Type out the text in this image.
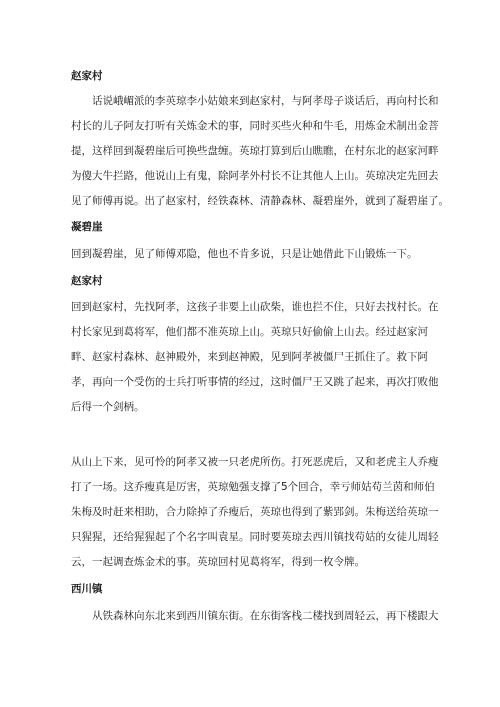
赵家村
话说峨嵋派的李英琼李小姑娘来到赵家村，与阿孝母子谈话后，再向村长和
村长的儿子阿友打听有关炼金术的事，同时买些火种和牛毛，用炼金术制出金菩
提，这样回到凝碧崖后可换些盘缠。英琼打算到后山瞧瞧，在村东北的赵家河畔
为傻大牛拦路，他说山上有鬼，除阿孝外村长不让其他人上山。英琼决定先回去
见了师傅再说。出了赵家村，经铁森林、清静森林、凝碧崖外，就到了凝碧崖了。
凝碧崖
回到凝碧崖，见了师傅邓隐，他也不肯多说，只是让她借此下山锻炼一下。
赵家村
回到赵家村，先找阿孝，这孩子非要上山砍柴，谁也拦不住，只好去找村长。在
村长家见到葛将军，他们都不准英琼上山。英琼只好偷偷上山去。经过赵家河
畔、赵家村森林、赵神殿外，来到赵神殿，见到阿孝被僵尸王抓住了。救下阿
孝，再向一个受伤的士兵打听事情的经过，这时僵尸王又跳了起来，再次打败他
后得一个剑柄。
从山上下来，见可怜的阿孝又被一只老虎所伤。打死恶虎后，又和老虎主人乔瘦
打了一场。这乔瘦真是厉害，英琼勉强支撑了5个回合，幸亏师姑苟兰茵和师伯
朱梅及时赶来相助，合力除掉了乔瘦后，英琼也得到了紫郢剑。朱梅送给英琼一
只猩猩，还给猩猩起了个名字叫袁星。同时要英琼去西川镇找苟姑的女徒儿周轻
云，一起调查炼金术的事。英琼回村见葛将军，得到一枚令牌。
西川镇
从铁森林向东北来到西川镇东街。在东街客栈二楼找到周轻云，再下楼跟大
